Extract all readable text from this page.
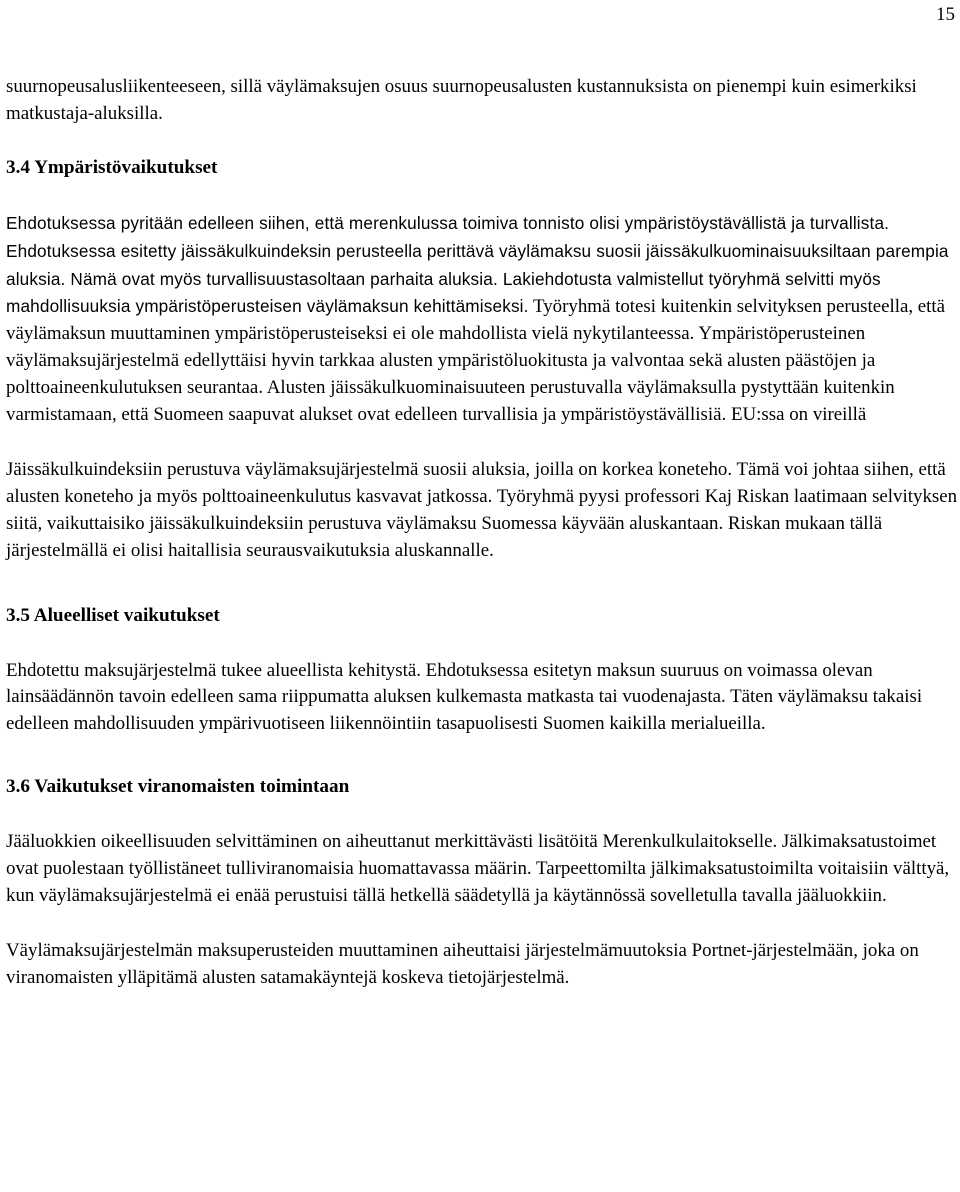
15

suurnopeusalusliikenteeseen, sillä väylämaksujen osuus suurnopeusalusten kustannuksista on pienempi kuin esimerkiksi matkustaja-aluksilla.

3.4 Ympäristövaikutukset

Ehdotuksessa pyritään edelleen siihen, että merenkulussa toimiva tonnisto olisi ympäristöystävällistä ja turvallista. Ehdotuksessa esitetty jäissäkulkuindeksin perusteella perittävä väylämaksu suosii jäissäkulkuominaisuuksiltaan parempia aluksia. Nämä ovat myös turvallisuustasoltaan parhaita aluksia. Lakiehdotusta valmistellut työryhmä selvitti myös mahdollisuuksia ympäristöperusteisen väylämaksun kehittämiseksi. Työryhmä totesi kuitenkin selvityksen perusteella, että väylämaksun muuttaminen ympäristöperusteiseksi ei ole mahdollista vielä nykytilanteessa. Ympäristöperusteinen väylämaksujärjestelmä edellyttäisi hyvin tarkkaa alusten ympäristöluokitusta ja valvontaa sekä alusten päästöjen ja polttoaineenkulutuksen seurantaa. Alusten jäissäkulkuominaisuuteen perustuvalla väylämaksulla pystyttään kuitenkin varmistamaan, että Suomeen saapuvat alukset ovat edelleen turvallisia ja ympäristöystävällisiä. EU:ssa on vireillä

Jäissäkulkuindeksiin perustuva väylämaksujärjestelmä suosii aluksia, joilla on korkea koneteho. Tämä voi johtaa siihen, että alusten koneteho ja myös polttoaineenkulutus kasvavat jatkossa. Työryhmä pyysi professori Kaj Riskan laatimaan selvityksen siitä, vaikuttaisiko jäissäkulkuindeksiin perustuva väylämaksu Suomessa käyvään aluskantaan. Riskan mukaan tällä järjestelmällä ei olisi haitallisia seurausvaikutuksia aluskannalle.

3.5 Alueelliset vaikutukset

Ehdotettu maksujärjestelmä tukee alueellista kehitystä. Ehdotuksessa esitetyn maksun suuruus on voimassa olevan lainsäädännön tavoin edelleen sama riippumatta aluksen kulkemasta matkasta tai vuodenajasta. Täten väylämaksu takaisi edelleen mahdollisuuden ympärivuotiseen liikennöintiin tasapuolisesti Suomen kaikilla merialueilla.

3.6 Vaikutukset viranomaisten toimintaan

Jääluokkien oikeellisuuden selvittäminen on aiheuttanut merkittävästi lisätöitä Merenkulkulaitokselle. Jälkimaksatustoimet ovat puolestaan työllistäneet tulliviranomaisia huomattavassa määrin. Tarpeettomilta jälkimaksatustoimilta voitaisiin välttyä, kun väylämaksujärjestelmä ei enää perustuisi tällä hetkellä säädetyllä ja käytännössä sovelletulla tavalla jääluokkiin.

Väylämaksujärjestelmän maksuperusteiden muuttaminen aiheuttaisi järjestelmämuutoksia Portnet-järjestelmään, joka on viranomaisten ylläpitämä alusten satamakäyntejä koskeva tietojärjestelmä.
